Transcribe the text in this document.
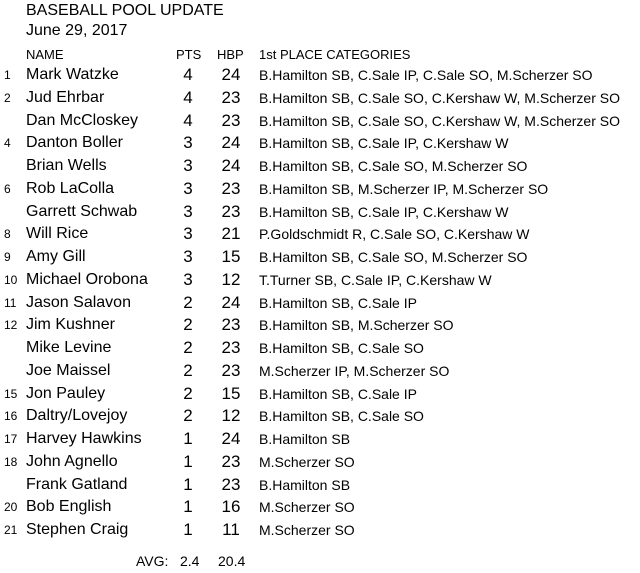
BASEBALL POOL UPDATE
June 29, 2017
NAME	PTS HBP 1st PLACE CATEGORIES
1 Mark Watzke	4	24	B.Hamilton SB, C.Sale IP, C.Sale SO, M.Scherzer SO
2 Jud Ehrbar	4	23	B.Hamilton SB, C.Sale SO, C.Kershaw W, M.Scherzer SO
Dan McCloskey	4	23	B.Hamilton SB, C.Sale SO, C.Kershaw W, M.Scherzer SO
4 Danton Boller	3	24	B.Hamilton SB, C.Sale IP, C.Kershaw W
Brian Wells	3	24	B.Hamilton SB, C.Sale SO, M.Scherzer SO
6 Rob LaColla	3	23	B.Hamilton SB, M.Scherzer IP, M.Scherzer SO
Garrett Schwab	3	23	B.Hamilton SB, C.Sale IP, C.Kershaw W
8 Will Rice	3	21	P.Goldschmidt R, C.Sale SO, C.Kershaw W
9 Amy Gill	3	15	B.Hamilton SB, C.Sale SO, M.Scherzer SO
10 Michael Orobona	3	12	T.Turner SB, C.Sale IP, C.Kershaw W
11 Jason Salavon	2	24	B.Hamilton SB, C.Sale IP
12 Jim Kushner	2	23	B.Hamilton SB, M.Scherzer SO
Mike Levine	2	23	B.Hamilton SB, C.Sale SO
Joe Maissel	2	23	M.Scherzer IP, M.Scherzer SO
15 Jon Pauley	2	15	B.Hamilton SB, C.Sale IP
16 Daltry/Lovejoy	2	12	B.Hamilton SB, C.Sale SO
17 Harvey Hawkins	1	24	B.Hamilton SB
18 John Agnello	1	23	M.Scherzer SO
Frank Gatland	1	23	B.Hamilton SB
20 Bob English	1	16	M.Scherzer SO
21 Stephen Craig	1	11	M.Scherzer SO
AVG: 2.4 20.4
